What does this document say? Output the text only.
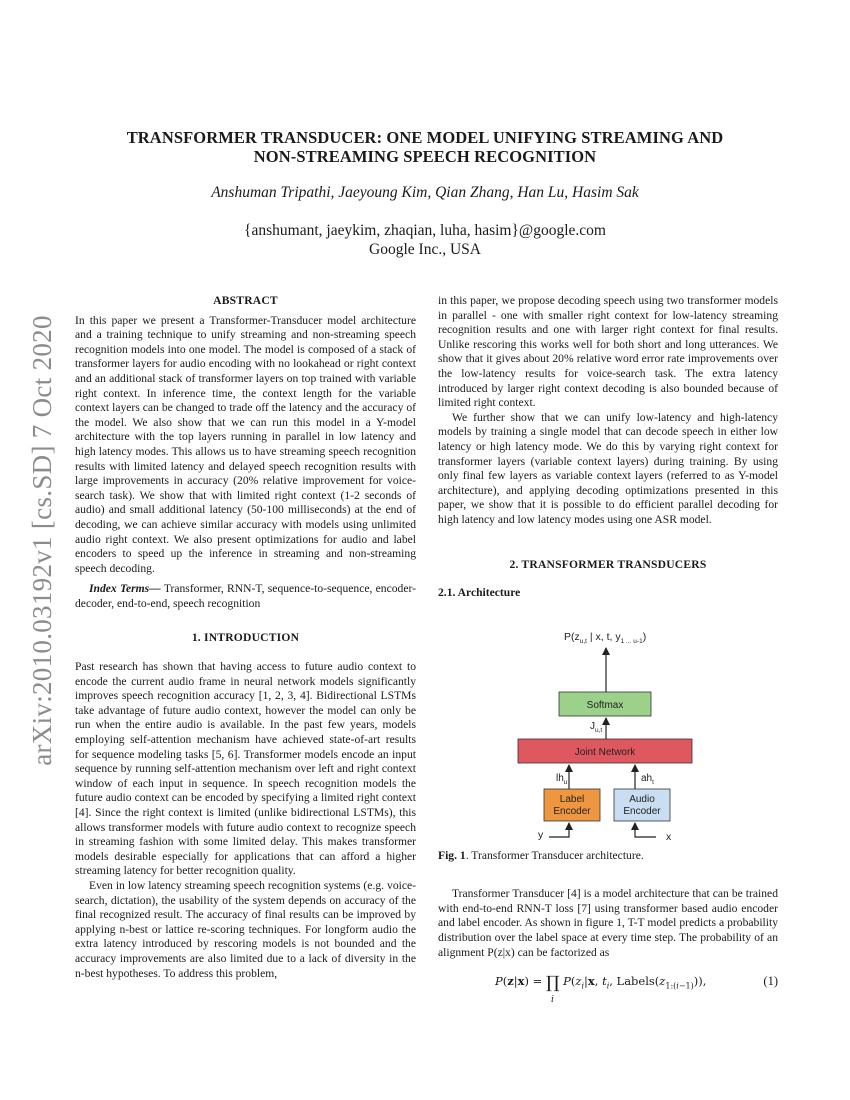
arXiv:2010.03192v1 [cs.SD] 7 Oct 2020
TRANSFORMER TRANSDUCER: ONE MODEL UNIFYING STREAMING AND
NON-STREAMING SPEECH RECOGNITION
Anshuman Tripathi, Jaeyoung Kim, Qian Zhang, Han Lu, Hasim Sak
{anshumant, jaeykim, zhaqian, luha, hasim}@google.com
Google Inc., USA
ABSTRACT

In this paper we present a Transformer-Transducer model architecture and a training technique to unify streaming and non-streaming speech recognition models into one model. The model is composed of a stack of transformer layers for audio encoding with no lookahead or right context and an additional stack of transformer layers on top trained with variable right context. In inference time, the context length for the variable context layers can be changed to trade off the latency and the accuracy of the model. We also show that we can run this model in a Y-model architecture with the top layers running in parallel in low latency and high latency modes. This allows us to have streaming speech recognition results with limited latency and delayed speech recognition results with large improvements in accuracy (20% relative improvement for voice-search task). We show that with limited right context (1-2 seconds of audio) and small additional latency (50-100 milliseconds) at the end of decoding, we can achieve similar accuracy with models using unlimited audio right context. We also present optimizations for audio and label encoders to speed up the inference in streaming and non-streaming speech decoding.

Index Terms— Transformer, RNN-T, sequence-to-sequence, encoder-decoder, end-to-end, speech recognition

1. INTRODUCTION

Past research has shown that having access to future audio context to encode the current audio frame in neural network models significantly improves speech recognition accuracy [1, 2, 3, 4]. Bidirectional LSTMs take advantage of future audio context, however the model can only be run when the entire audio is available. In the past few years, models employing self-attention mechanism have achieved state-of-art results for sequence modeling tasks [5, 6]. Transformer models encode an input sequence by running self-attention mechanism over left and right context window of each input in sequence. In speech recognition models the future audio context can be encoded by specifying a limited right context [4]. Since the right context is limited (unlike bidirectional LSTMs), this allows transformer models with future audio context to recognize speech in streaming fashion with some limited delay. This makes transformer models desirable especially for applications that can afford a higher streaming latency for better recognition quality.

Even in low latency streaming speech recognition systems (e.g. voice-search, dictation), the usability of the system depends on accuracy of the final recognized result. The accuracy of final results can be improved by applying n-best or lattice re-scoring techniques. For longform audio the extra latency introduced by rescoring models is not bounded and the accuracy improvements are also limited due to a lack of diversity in the n-best hypotheses. To address this problem,

in this paper, we propose decoding speech using two transformer models in parallel - one with smaller right context for low-latency streaming recognition results and one with larger right context for final results. Unlike rescoring this works well for both short and long utterances. We show that it gives about 20% relative word error rate improvements over the low-latency results for voice-search task. The extra latency introduced by larger right context decoding is also bounded because of limited right context.

We further show that we can unify low-latency and high-latency models by training a single model that can decode speech in either low latency or high latency mode. We do this by varying right context for transformer layers (variable context layers) during training. By using only final few layers as variable context layers (referred to as Y-model architecture), and applying decoding optimizations presented in this paper, we show that it is possible to do efficient parallel decoding for high latency and low latency modes using one ASR model.

2. TRANSFORMER TRANSDUCERS
2.1. Architecture
$P(z_{u,t}$ | x, t, $y_{1 ... u-1}$)
Softmax
$J_{u,t}$
Joint Network
$lh_u$	$ah_t$
Label
Encoder
Audio
Encoder
y	x

Fig. 1. Transformer Transducer architecture.

Transformer Transducer [4] is a model architecture that can be trained with end-to-end RNN-T loss [7] using transformer based audio encoder and label encoder. As shown in figure 1, T-T model predicts a probability distribution over the label space at every time step. The probability of an alignment P(z|x) can be factorized as

P(z|x) = ∏
i
$P(z_i|x$, $t_i$, $Labels(z_{1:(i-1)})$),	(1)
